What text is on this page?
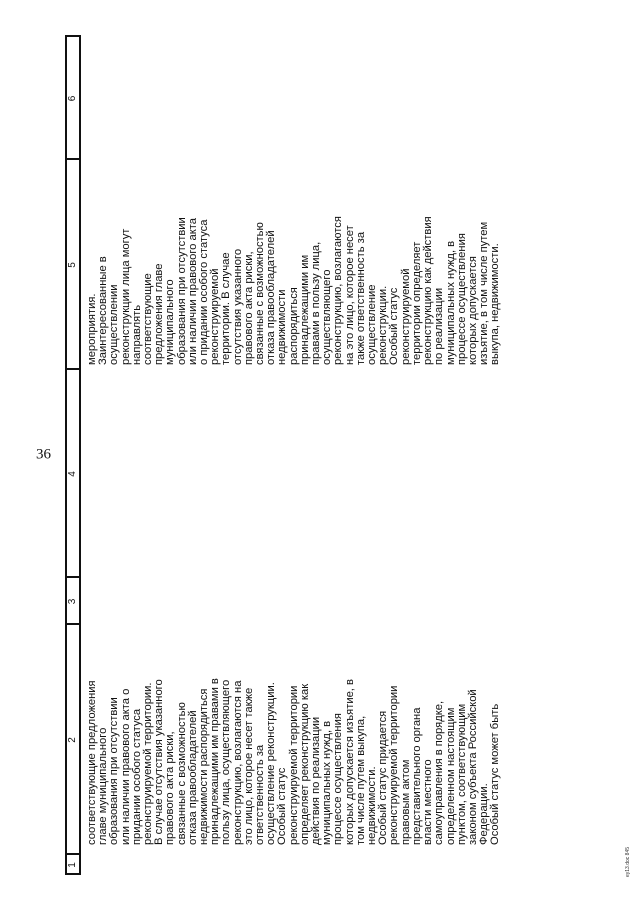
1
2
3
4
5
6
соответствующие предложения главе муниципального образования при отсутствии или наличии правового акта о придании особого статуса реконструируемой территории. В случае отсутствия указанного правового акта риски, связанные с возможностью отказа правообладателей недвижимости распорядиться принадлежащими им правами в пользу лица, осуществляющего реконструкцию, возлагаются на это лицо, которое несет также ответственность за осуществление реконструкции. Особый статус реконструируемой территории определяет реконструкцию как действия по реализации муниципальных нужд, в процессе осуществления которых допускается изъятие, в том числе путем выкупа, недвижимости. Особый статус придается реконструируемой территории правовым актом представительного органа власти местного самоуправления в порядке, определенном настоящим пунктом, соответствующим законом субъекта Российской Федерации. Особый статус может быть
мероприятия. Заинтересованные в осуществлении реконструкции лица могут направлять соответствующие предложения главе муниципального образования при отсутствии или наличии правового акта о придании особого статуса реконструируемой территории. В случае отсутствия указанного правового акта риски, связанные с возможностью отказа правообладателей недвижимости распорядиться принадлежащими им правами в пользу лица, осуществляющего реконструкцию, возлагаются на это лицо, которое несет также ответственность за осуществление реконструкции. Особый статус реконструируемой территории определяет реконструкцию как действия по реализации муниципальных нужд, в процессе осуществления которых допускается изъятие, в том числе путем выкупа, недвижимости.
36
ey13.doc 845
